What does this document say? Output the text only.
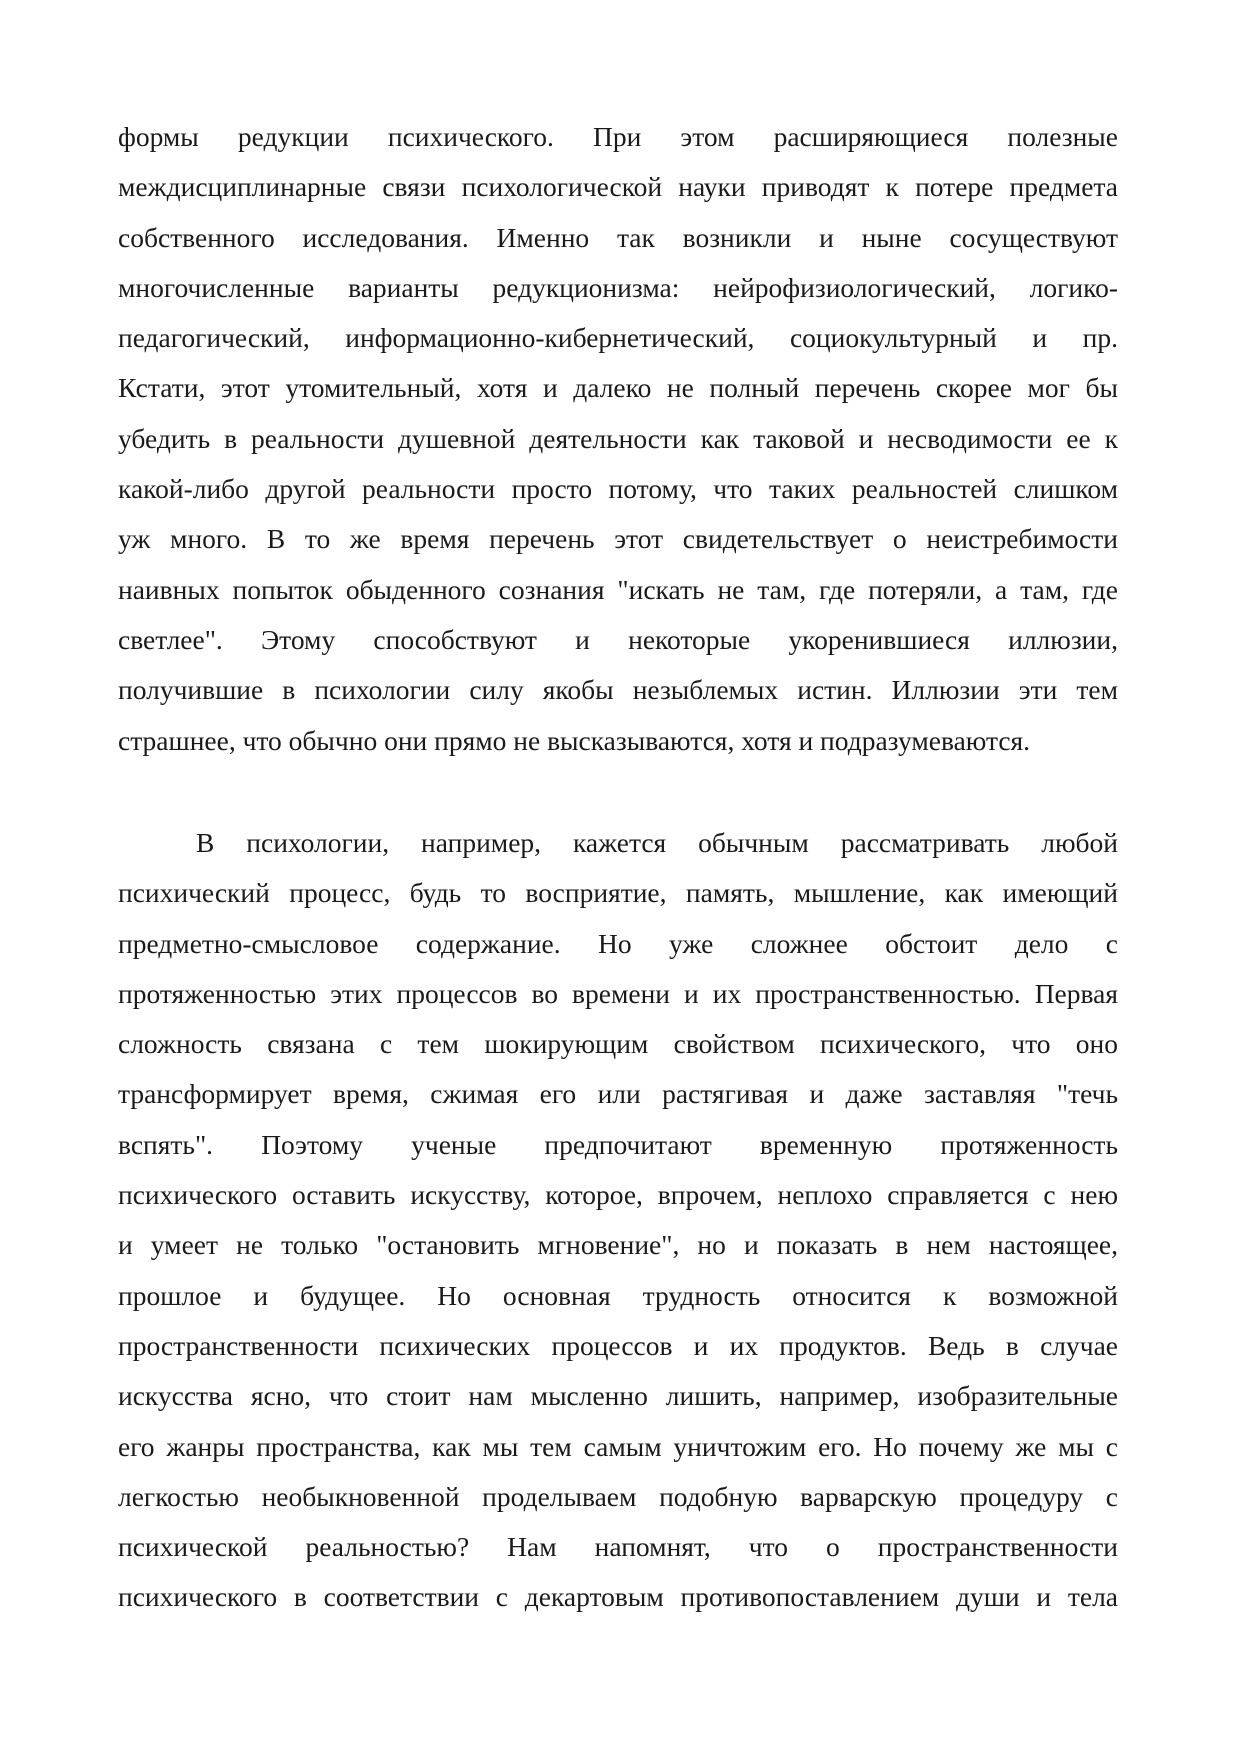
формы редукции психического. При этом расширяющиеся полезные
междисциплинарные связи психологической науки приводят к потере предмета
собственного исследования. Именно так возникли и ныне сосуществуют
многочисленные варианты редукционизма: нейрофизиологический, логико-
педагогический, информационно-кибернетический, социокультурный и пр.
Кстати, этот утомительный, хотя и далеко не полный перечень скорее мог бы
убедить в реальности душевной деятельности как таковой и несводимости ее к
какой-либо другой реальности просто потому, что таких реальностей слишком
уж много. В то же время перечень этот свидетельствует о неистребимости
наивных попыток обыденного сознания "искать не там, где потеряли, а там, где
светлее". Этому способствуют и некоторые укоренившиеся иллюзии,
получившие в психологии силу якобы незыблемых истин. Иллюзии эти тем
страшнее, что обычно они прямо не высказываются, хотя и подразумеваются.
В психологии, например, кажется обычным рассматривать любой
психический процесс, будь то восприятие, память, мышление, как имеющий
предметно-смысловое содержание. Но уже сложнее обстоит дело с
протяженностью этих процессов во времени и их пространственностью. Первая
сложность связана с тем шокирующим свойством психического, что оно
трансформирует время, сжимая его или растягивая и даже заставляя "течь
вспять". Поэтому ученые предпочитают временную протяженность
психического оставить искусству, которое, впрочем, неплохо справляется с нею
и умеет не только "остановить мгновение", но и показать в нем настоящее,
прошлое и будущее. Но основная трудность относится к возможной
пространственности психических процессов и их продуктов. Ведь в случае
искусства ясно, что стоит нам мысленно лишить, например, изобразительные
его жанры пространства, как мы тем самым уничтожим его. Но почему же мы с
легкостью необыкновенной проделываем подобную варварскую процедуру с
психической реальностью? Нам напомнят, что о пространственности
психического в соответствии с декартовым противопоставлением души и тела
